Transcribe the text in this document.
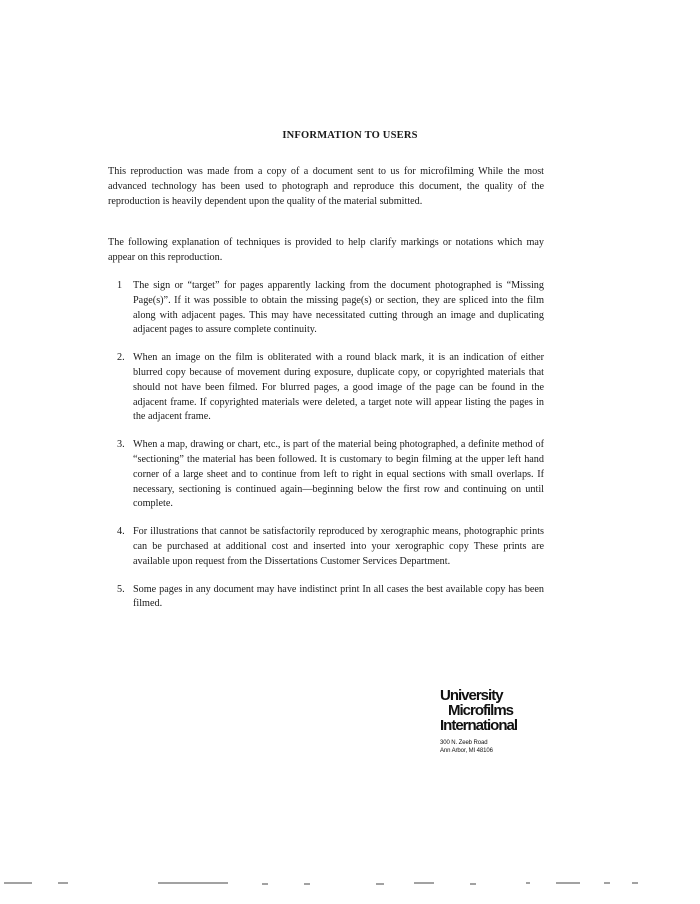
INFORMATION TO USERS

This reproduction was made from a copy of a document sent to us for microfilming While the most advanced technology has been used to photograph and reproduce this document, the quality of the reproduction is heavily dependent upon the quality of the material submitted.

The following explanation of techniques is provided to help clarify markings or notations which may appear on this reproduction.

1 The sign or “target” for pages apparently lacking from the document photographed is “Missing Page(s)”. If it was possible to obtain the missing page(s) or section, they are spliced into the film along with adjacent pages. This may have necessitated cutting through an image and duplicating adjacent pages to assure complete continuity.
2. When an image on the film is obliterated with a round black mark, it is an indication of either blurred copy because of movement during exposure, duplicate copy, or copyrighted materials that should not have been filmed. For blurred pages, a good image of the page can be found in the adjacent frame. If copyrighted materials were deleted, a target note will appear listing the pages in the adjacent frame.
3. When a map, drawing or chart, etc., is part of the material being photographed, a definite method of “sectioning” the material has been followed. It is customary to begin filming at the upper left hand corner of a large sheet and to continue from left to right in equal sections with small overlaps. If necessary, sectioning is continued again—beginning below the first row and continuing on until complete.
4. For illustrations that cannot be satisfactorily reproduced by xerographic means, photographic prints can be purchased at additional cost and inserted into your xerographic copy These prints are available upon request from the Dissertations Customer Services Department.
5. Some pages in any document may have indistinct print In all cases the best available copy has been filmed.
University
Microfilms
International
300 N. Zeeb Road
Ann Arbor, MI 48106
